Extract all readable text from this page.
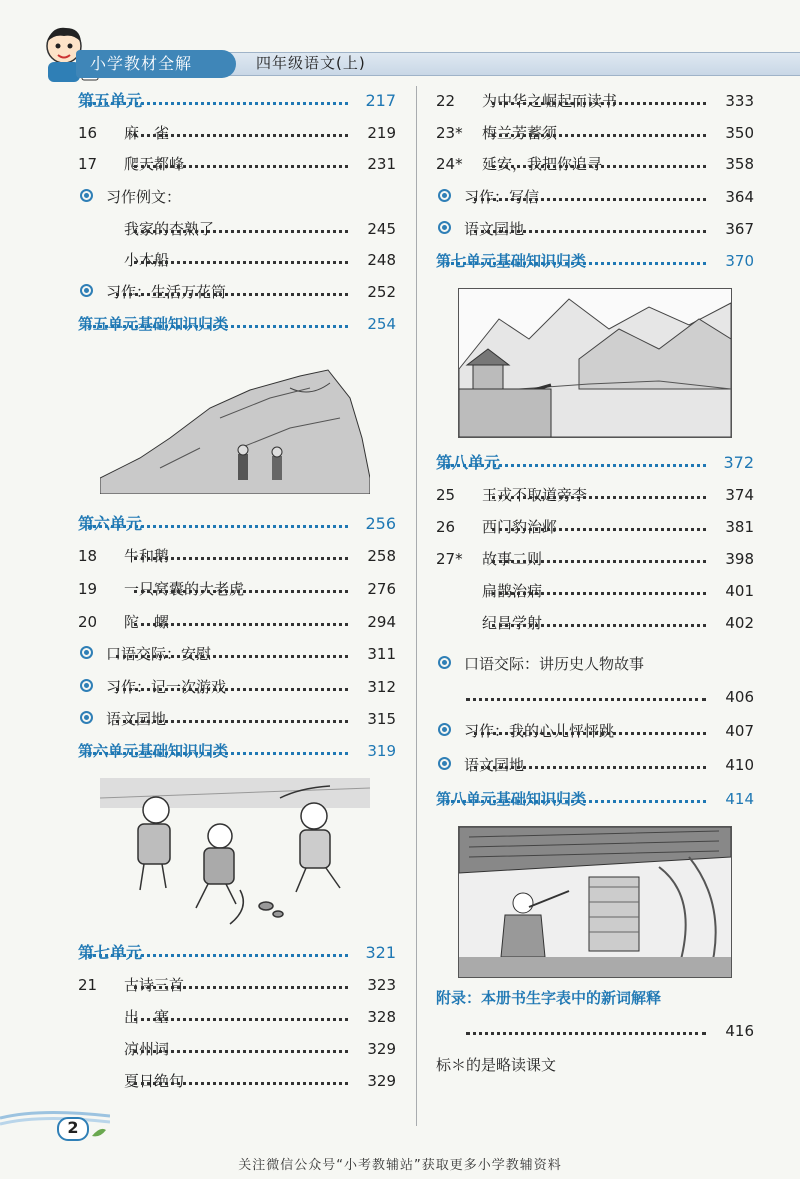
小学教材全解	四年级语文(上)
第五单元	217
16 麻　雀	219
17 爬天都峰	231
习作例文：
我家的杏熟了	245
小木船	248
习作：生活万花筒	252
第五单元基础知识归类	254
第六单元	256
18 牛和鹅	258
19 一只窝囊的大老虎	276
20 陀　螺	294
口语交际：安慰	311
习作：记一次游戏	312
语文园地	315
第六单元基础知识归类	319
第七单元	321
21 古诗三首	323
出　塞	328
凉州词	329
夏日绝句	329
22 为中华之崛起而读书	333
23* 梅兰芳蓄须	350
24* 延安，我把你追寻	358
习作：写信	364
语文园地	367
第七单元基础知识归类	370
第八单元	372
25 王戎不取道旁李	374
26 西门豹治邺	381
27* 故事二则	398
扁鹊治病	401
纪昌学射	402
口语交际：讲历史人物故事
406
习作：我的心儿怦怦跳	407
语文园地	410
第八单元基础知识归类	414
附录：本册书生字表中的新词解释
416
标＊的是略读课文
2
关注微信公众号“小考教辅站”获取更多小学教辅资料
